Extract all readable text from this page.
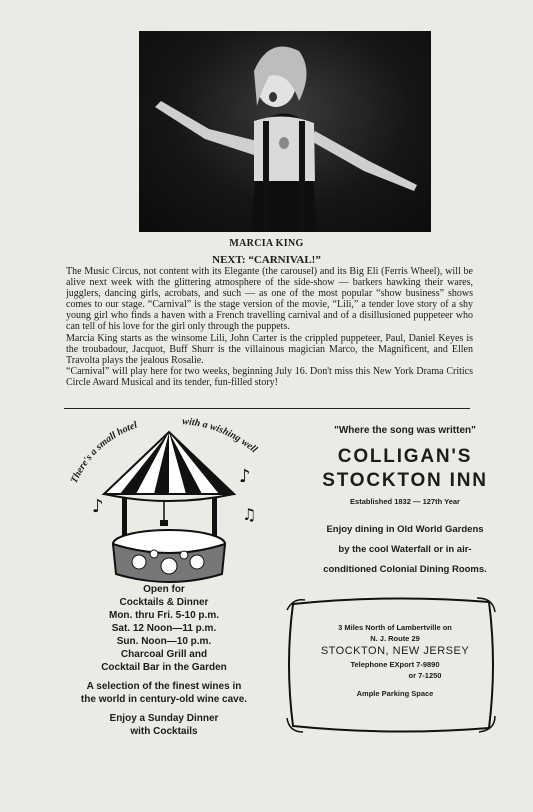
MARCIA KING
NEXT: “CARNIVAL!”

The Music Circus, not content with its Elegante (the carousel) and its Big Eli (Ferris Wheel), will be alive next week with the glittering atmosphere of the side-show — barkers hawking their wares, jugglers, dancing girls, acrobats, and such — as one of the most popular “show business” shows comes to our stage. “Carnival” is the stage version of the movie, “Lili,” a tender love story of a shy young girl who finds a haven with a French travelling carnival and of a disillusioned puppeteer who can tell of his love for the girl only through the puppets.

Marcia King starts as the winsome Lili, John Carter is the crippled puppeteer, Paul, Daniel Keyes is the troubadour, Jacquot, Buff Shurr is the villainous magician Marco, the Magnificent, and Ellen Travolta plays the jealous Rosalie.

“Carnival” will play here for two weeks, beginning July 16. Don't miss this New York Drama Critics Circle Award Musical and its tender, fun-filled story!

There's a small hotel	with a wishing well
♪
♪
♫
Open for
Cocktails & Dinner
Mon. thru Fri. 5-10 p.m.
Sat. 12 Noon—11 p.m.
Sun. Noon—10 p.m.
Charcoal Grill and
Cocktail Bar in the Garden
A selection of the finest wines in
the world in century-old wine cave.
Enjoy a Sunday Dinner
with Cocktails
"Where the song was written"
COLLIGAN'S
STOCKTON INN
Established 1832 — 127th Year
Enjoy dining in Old World Gardens
by the cool Waterfall or in air-
conditioned Colonial Dining Rooms.
3 Miles North of Lambertville on
N. J. Route 29
STOCKTON, NEW JERSEY
Telephone EXport 7-9890
or 7-1250
Ample Parking Space
